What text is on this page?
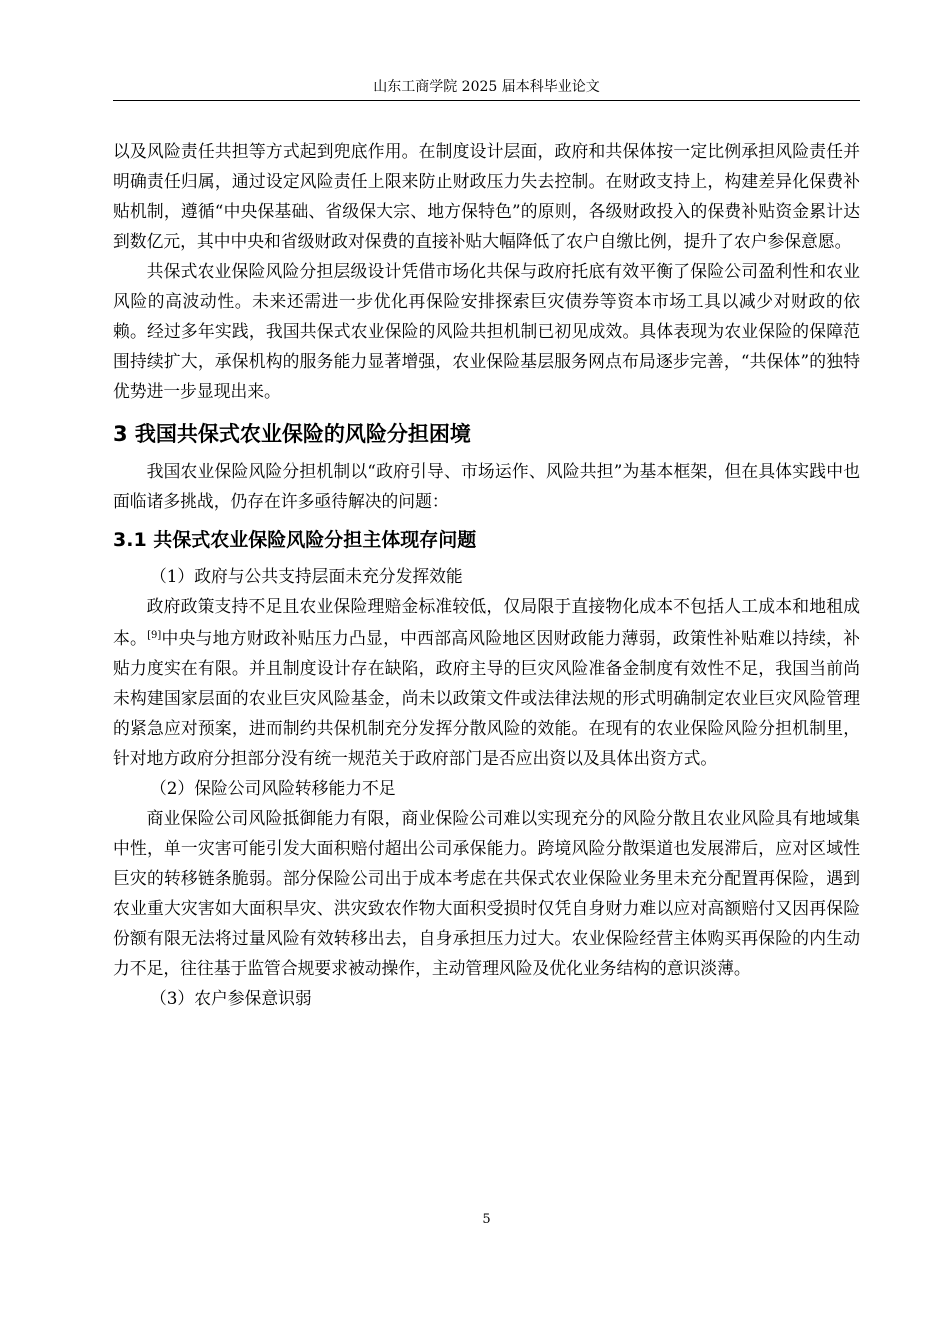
山东工商学院 2025 届本科毕业论文

以及风险责任共担等方式起到兜底作用。在制度设计层面，政府和共保体按一定比例承担风险责任并明确责任归属，通过设定风险责任上限来防止财政压力失去控制。在财政支持上，构建差异化保费补贴机制，遵循“中央保基础、省级保大宗、地方保特色”的原则，各级财政投入的保费补贴资金累计达到数亿元，其中中央和省级财政对保费的直接补贴大幅降低了农户自缴比例，提升了农户参保意愿。

共保式农业保险风险分担层级设计凭借市场化共保与政府托底有效平衡了保险公司盈利性和农业风险的高波动性。未来还需进一步优化再保险安排探索巨灾债券等资本市场工具以减少对财政的依赖。经过多年实践，我国共保式农业保险的风险共担机制已初见成效。具体表现为农业保险的保障范围持续扩大，承保机构的服务能力显著增强，农业保险基层服务网点布局逐步完善，“共保体”的独特优势进一步显现出来。

3 我国共保式农业保险的风险分担困境

我国农业保险风险分担机制以“政府引导、市场运作、风险共担”为基本框架，但在具体实践中也面临诸多挑战，仍存在许多亟待解决的问题：

3.1 共保式农业保险风险分担主体现存问题

（1）政府与公共支持层面未充分发挥效能

政府政策支持不足且农业保险理赔金标准较低，仅局限于直接物化成本不包括人工成本和地租成本。[9]中央与地方财政补贴压力凸显，中西部高风险地区因财政能力薄弱，政策性补贴难以持续，补贴力度实在有限。并且制度设计存在缺陷，政府主导的巨灾风险准备金制度有效性不足，我国当前尚未构建国家层面的农业巨灾风险基金，尚未以政策文件或法律法规的形式明确制定农业巨灾风险管理的紧急应对预案，进而制约共保机制充分发挥分散风险的效能。在现有的农业保险风险分担机制里，针对地方政府分担部分没有统一规范关于政府部门是否应出资以及具体出资方式。

（2）保险公司风险转移能力不足

商业保险公司风险抵御能力有限，商业保险公司难以实现充分的风险分散且农业风险具有地域集中性，单一灾害可能引发大面积赔付超出公司承保能力。跨境风险分散渠道也发展滞后，应对区域性巨灾的转移链条脆弱。部分保险公司出于成本考虑在共保式农业保险业务里未充分配置再保险，遇到农业重大灾害如大面积旱灾、洪灾致农作物大面积受损时仅凭自身财力难以应对高额赔付又因再保险份额有限无法将过量风险有效转移出去，自身承担压力过大。农业保险经营主体购买再保险的内生动力不足，往往基于监管合规要求被动操作，主动管理风险及优化业务结构的意识淡薄。

（3）农户参保意识弱

5
